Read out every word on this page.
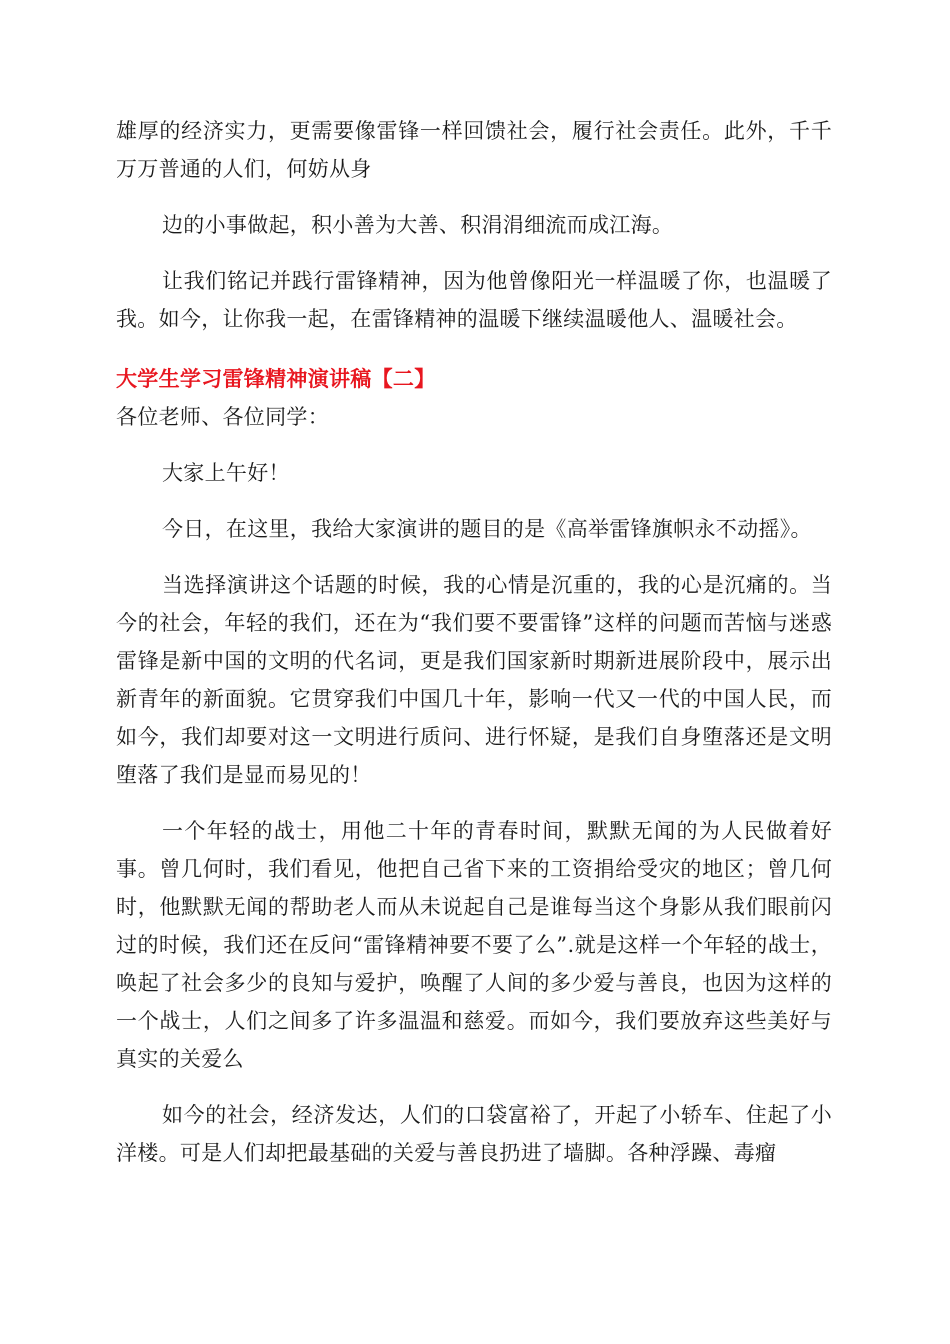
雄厚的经济实力，更需要像雷锋一样回馈社会，履行社会责任。此外，千千万万普通的人们，何妨从身

边的小事做起，积小善为大善、积涓涓细流而成江海。

让我们铭记并践行雷锋精神，因为他曾像阳光一样温暖了你，也温暖了我。如今，让你我一起，在雷锋精神的温暖下继续温暖他人、温暖社会。

大学生学习雷锋精神演讲稿【二】

各位老师、各位同学：

大家上午好！

今日，在这里，我给大家演讲的题目的是《高举雷锋旗帜永不动摇》。

当选择演讲这个话题的时候，我的心情是沉重的，我的心是沉痛的。当今的社会，年轻的我们，还在为“我们要不要雷锋”这样的问题而苦恼与迷惑雷锋是新中国的文明的代名词，更是我们国家新时期新进展阶段中，展示出新青年的新面貌。它贯穿我们中国几十年，影响一代又一代的中国人民，而如今，我们却要对这一文明进行质问、进行怀疑，是我们自身堕落还是文明堕落了我们是显而易见的！

一个年轻的战士，用他二十年的青春时间，默默无闻的为人民做着好事。曾几何时，我们看见，他把自己省下来的工资捐给受灾的地区；曾几何时，他默默无闻的帮助老人而从未说起自己是谁每当这个身影从我们眼前闪过的时候，我们还在反问“雷锋精神要不要了么”.就是这样一个年轻的战士，唤起了社会多少的良知与爱护，唤醒了人间的多少爱与善良，也因为这样的一个战士，人们之间多了许多温温和慈爱。而如今，我们要放弃这些美好与真实的关爱么

如今的社会，经济发达，人们的口袋富裕了，开起了小轿车、住起了小洋楼。可是人们却把最基础的关爱与善良扔进了墙脚。各种浮躁、毒瘤
